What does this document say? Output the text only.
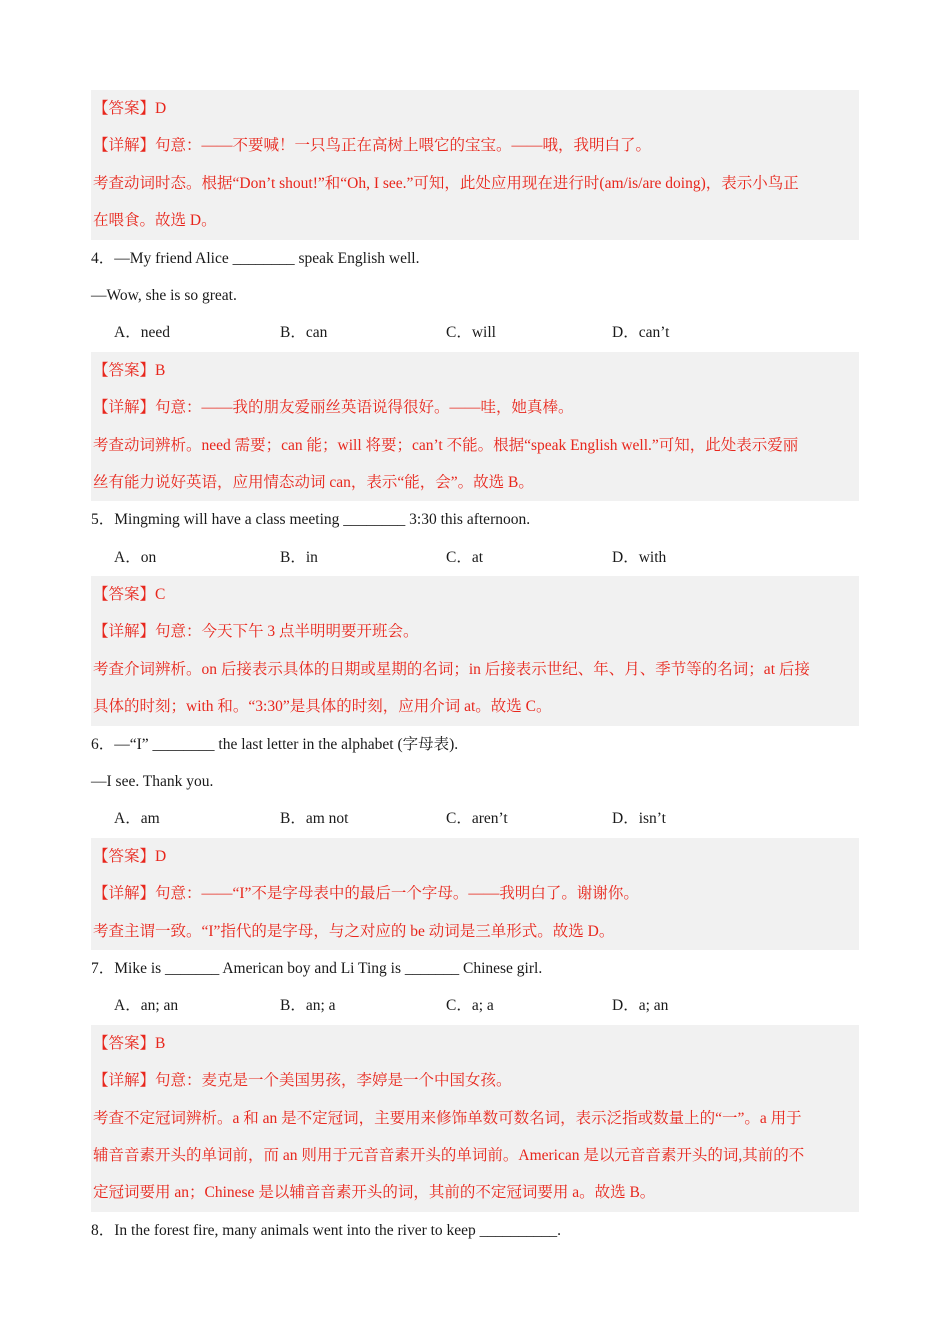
【答案】D
【详解】句意：——不要喊！一只鸟正在高树上喂它的宝宝。——哦，我明白了。
考查动词时态。根据“Don’t shout!”和“Oh, I see.”可知，此处应用现在进行时(am/is/are doing)，表示小鸟正
在喂食。故选 D。
4．—My friend Alice ________ speak English well.
—Wow, she is so great.
A．need	B．can	C．will	D．can’t
【答案】B
【详解】句意：——我的朋友爱丽丝英语说得很好。——哇，她真棒。
考查动词辨析。need 需要；can 能；will 将要；can’t 不能。根据“speak English well.”可知，此处表示爱丽
丝有能力说好英语，应用情态动词 can，表示“能，会”。故选 B。
5．Mingming will have a class meeting ________ 3:30 this afternoon.
A．on	B．in	C．at	D．with
【答案】C
【详解】句意：今天下午 3 点半明明要开班会。
考查介词辨析。on 后接表示具体的日期或星期的名词；in 后接表示世纪、年、月、季节等的名词；at 后接
具体的时刻；with 和。“3:30”是具体的时刻，应用介词 at。故选 C。
6．—“I” ________ the last letter in the alphabet (字母表).
—I see. Thank you.
A．am	B．am not	C．aren’t	D．isn’t
【答案】D
【详解】句意：——“I”不是字母表中的最后一个字母。——我明白了。谢谢你。
考查主谓一致。“I”指代的是字母，与之对应的 be 动词是三单形式。故选 D。
7．Mike is _______ American boy and Li Ting is _______ Chinese girl.
A．an; an	B．an; a	C．a; a	D．a; an
【答案】B
【详解】句意：麦克是一个美国男孩，李婷是一个中国女孩。
考查不定冠词辨析。a 和 an 是不定冠词，主要用来修饰单数可数名词，表示泛指或数量上的“一”。a 用于
辅音音素开头的单词前，而 an 则用于元音音素开头的单词前。American 是以元音音素开头的词,其前的不
定冠词要用 an；Chinese 是以辅音音素开头的词，其前的不定冠词要用 a。故选 B。
8．In the forest fire, many animals went into the river to keep __________.
